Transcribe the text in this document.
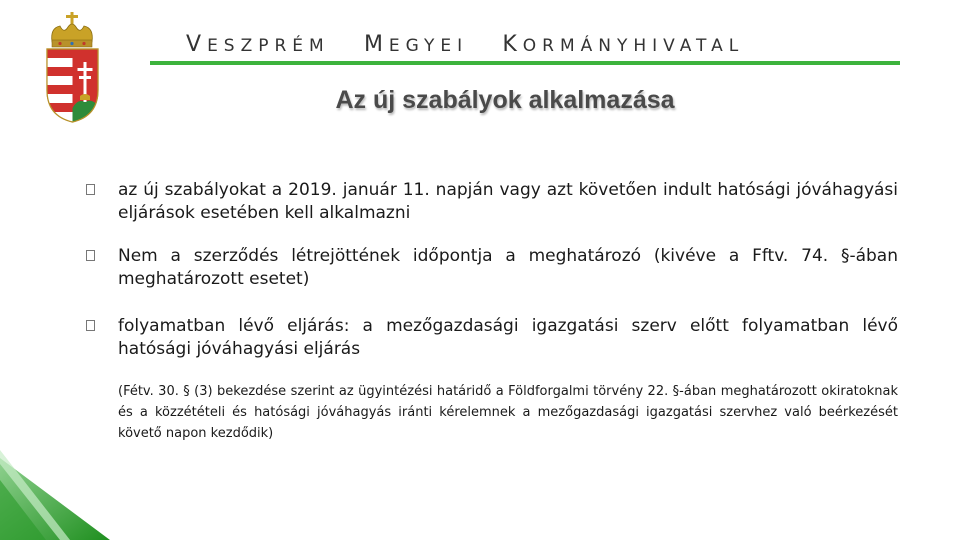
VESZPRÉM MEGYEI KORMÁNYHIVATAL
Az új szabályok alkalmazása
az új szabályokat a 2019. január 11. napján vagy azt követően indult hatósági jóváhagyási eljárások esetében kell alkalmazni
Nem a szerződés létrejöttének időpontja a meghatározó (kivéve a Fftv. 74. §-ában meghatározott esetet)
folyamatban lévő eljárás: a mezőgazdasági igazgatási szerv előtt folyamatban lévő hatósági jóváhagyási eljárás
(Fétv. 30. § (3) bekezdése szerint az ügyintézési határidő a Földforgalmi törvény 22. §-ában meghatározott okiratoknak és a közzétételi és hatósági jóváhagyás iránti kérelemnek a mezőgazdasági igazgatási szervhez való beérkezését követő napon kezdődik)
